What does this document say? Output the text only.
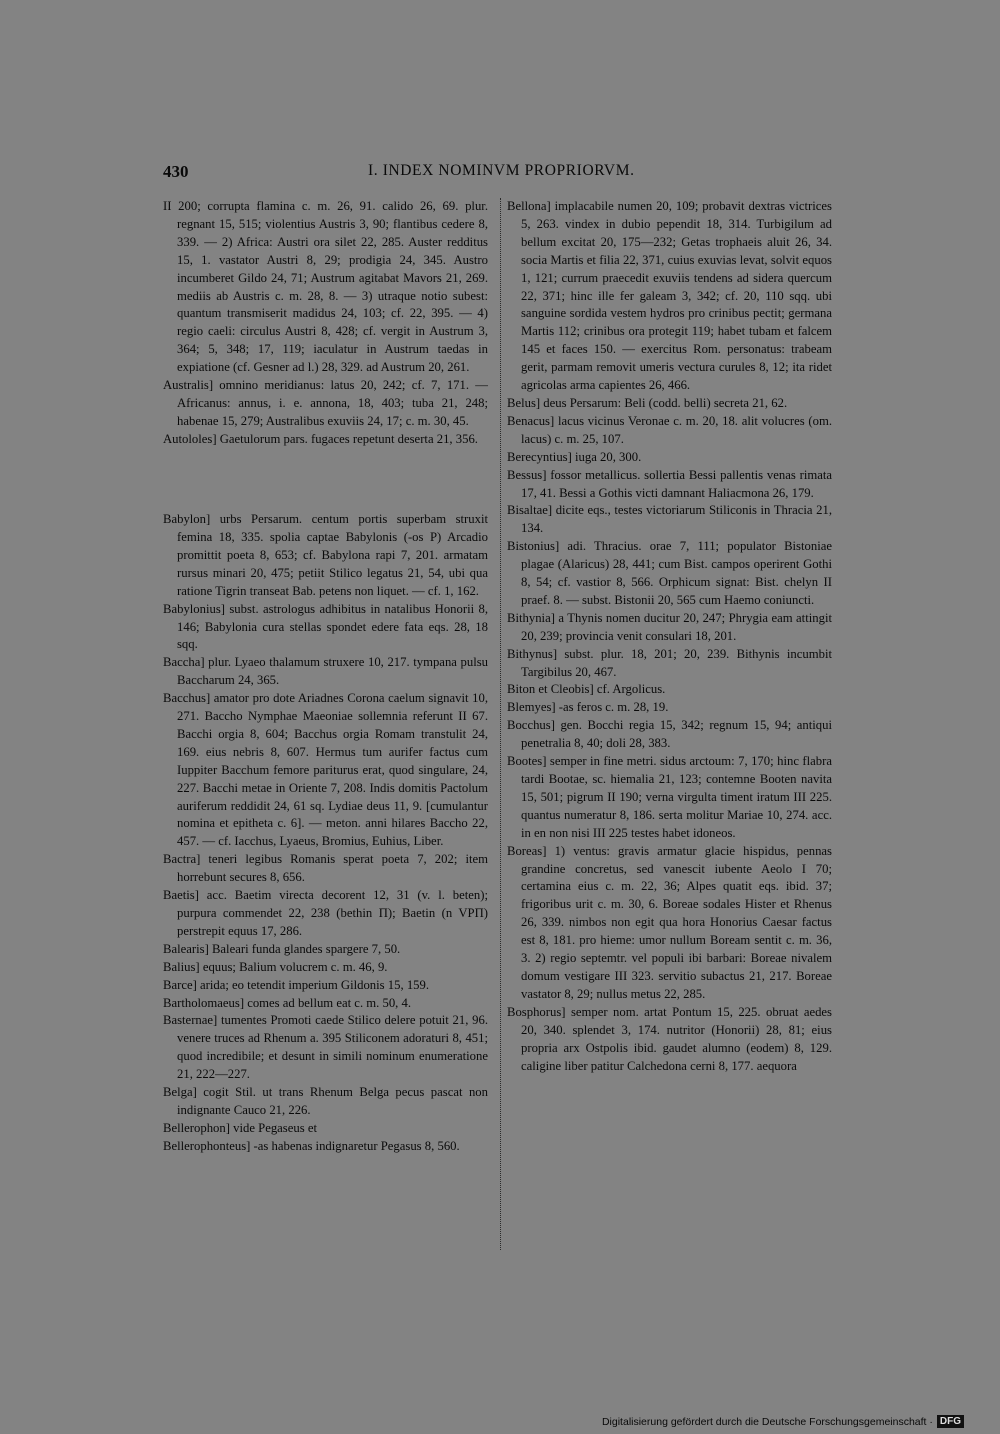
430	I. INDEX NOMINVM PROPRIORVM.

II 200; corrupta flamina c. m. 26, 91. calido 26, 69. plur. regnant 15, 515; violentius Austris 3, 90; flantibus cedere 8, 339. — 2) Africa: Austri ora silet 22, 285. Auster redditus 15, 1. vastator Austri 8, 29; prodigia 24, 345. Austro incumberet Gildo 24, 71; Austrum agitabat Mavors 21, 269. mediis ab Austris c. m. 28, 8. — 3) utraque notio subest: quantum transmiserit madidus 24, 103; cf. 22, 395. — 4) regio caeli: circulus Austri 8, 428; cf. vergit in Austrum 3, 364; 5, 348; 17, 119; iaculatur in Austrum taedas in expiatione (cf. Gesner ad l.) 28, 329. ad Austrum 20, 261.

Australis] omnino meridianus: latus 20, 242; cf. 7, 171. — Africanus: annus, i. e. annona, 18, 403; tuba 21, 248; habenae 15, 279; Australibus exuviis 24, 17; c. m. 30, 45.

Autololes] Gaetulorum pars. fugaces repetunt deserta 21, 356.

Babylon] urbs Persarum. centum portis superbam struxit femina 18, 335. spolia captae Babylonis (-os P) Arcadio promittit poeta 8, 653; cf. Babylona rapi 7, 201. armatam rursus minari 20, 475; petiit Stilico legatus 21, 54, ubi qua ratione Tigrin transeat Bab. petens non liquet. — cf. 1, 162.

Babylonius] subst. astrologus adhibitus in natalibus Honorii 8, 146; Babylonia cura stellas spondet edere fata eqs. 28, 18 sqq.

Baccha] plur. Lyaeo thalamum struxere 10, 217. tympana pulsu Baccharum 24, 365.

Bacchus] amator pro dote Ariadnes Corona caelum signavit 10, 271. Baccho Nymphae Maeoniae sollemnia referunt II 67. Bacchi orgia 8, 604; Bacchus orgia Romam transtulit 24, 169. eius nebris 8, 607. Hermus tum aurifer factus cum Iuppiter Bacchum femore pariturus erat, quod singulare, 24, 227. Bacchi metae in Oriente 7, 208. Indis domitis Pactolum auriferum reddidit 24, 61 sq. Lydiae deus 11, 9. [cumulantur nomina et epitheta c. 6]. — meton. anni hilares Baccho 22, 457. — cf. Iacchus, Lyaeus, Bromius, Euhius, Liber.

Bactra] teneri legibus Romanis sperat poeta 7, 202; item horrebunt secures 8, 656.

Baetis] acc. Baetim virecta decorent 12, 31 (v. l. beten); purpura commendet 22, 238 (bethin Π); Baetin (n VPΠ) perstrepit equus 17, 286.

Balearis] Baleari funda glandes spargere 7, 50.

Balius] equus; Balium volucrem c. m. 46, 9.

Barce] arida; eo tetendit imperium Gildonis 15, 159.

Bartholomaeus] comes ad bellum eat c. m. 50, 4.

Basternae] tumentes Promoti caede Stilico delere potuit 21, 96. venere truces ad Rhenum a. 395 Stiliconem adoraturi 8, 451; quod incredibile; et desunt in simili nominum enumeratione 21, 222—227.

Belga] cogit Stil. ut trans Rhenum Belga pecus pascat non indignante Cauco 21, 226.

Bellerophon] vide Pegaseus et

Bellerophonteus] -as habenas indignaretur Pegasus 8, 560.

Bellona] implacabile numen 20, 109; probavit dextras victrices 5, 263. vindex in dubio pependit 18, 314. Turbigilum ad bellum excitat 20, 175—232; Getas trophaeis aluit 26, 34. socia Martis et filia 22, 371, cuius exuvias levat, solvit equos 1, 121; currum praecedit exuviis tendens ad sidera quercum 22, 371; hinc ille fer galeam 3, 342; cf. 20, 110 sqq. ubi sanguine sordida vestem hydros pro crinibus pectit; germana Martis 112; crinibus ora protegit 119; habet tubam et falcem 145 et faces 150. — exercitus Rom. personatus: trabeam gerit, parmam removit umeris vectura curules 8, 12; ita ridet agricolas arma capientes 26, 466.

Belus] deus Persarum: Beli (codd. belli) secreta 21, 62.

Benacus] lacus vicinus Veronae c. m. 20, 18. alit volucres (om. lacus) c. m. 25, 107.

Berecyntius] iuga 20, 300.

Bessus] fossor metallicus. sollertia Bessi pallentis venas rimata 17, 41. Bessi a Gothis victi damnant Haliacmona 26, 179.

Bisaltae] dicite eqs., testes victoriarum Stiliconis in Thracia 21, 134.

Bistonius] adi. Thracius. orae 7, 111; populator Bistoniae plagae (Alaricus) 28, 441; cum Bist. campos operirent Gothi 8, 54; cf. vastior 8, 566. Orphicum signat: Bist. chelyn II praef. 8. — subst. Bistonii 20, 565 cum Haemo coniuncti.

Bithynia] a Thynis nomen ducitur 20, 247; Phrygia eam attingit 20, 239; provincia venit consulari 18, 201.

Bithynus] subst. plur. 18, 201; 20, 239. Bithynis incumbit Targibilus 20, 467.

Biton et Cleobis] cf. Argolicus.

Blemyes] -as feros c. m. 28, 19.

Bocchus] gen. Bocchi regia 15, 342; regnum 15, 94; antiqui penetralia 8, 40; doli 28, 383.

Bootes] semper in fine metri. sidus arctoum: 7, 170; hinc flabra tardi Bootae, sc. hiemalia 21, 123; contemne Booten navita 15, 501; pigrum II 190; verna virgulta timent iratum III 225. quantus numeratur 8, 186. serta molitur Mariae 10, 274. acc. in en non nisi III 225 testes habet idoneos.

Boreas] 1) ventus: gravis armatur glacie hispidus, pennas grandine concretus, sed vanescit iubente Aeolo I 70; certamina eius c. m. 22, 36; Alpes quatit eqs. ibid. 37; frigoribus urit c. m. 30, 6. Boreae sodales Hister et Rhenus 26, 339. nimbos non egit qua hora Honorius Caesar factus est 8, 181. pro hieme: umor nullum Boream sentit c. m. 36, 3. 2) regio septemtr. vel populi ibi barbari: Boreae nivalem domum vestigare III 323. servitio subactus 21, 217. Boreae vastator 8, 29; nullus metus 22, 285.

Bosphorus] semper nom. artat Pontum 15, 225. obruat aedes 20, 340. splendet 3, 174. nutritor (Honorii) 28, 81; eius propria arx Ostpolis ibid. gaudet alumno (eodem) 8, 129. caligine liber patitur Calchedona cerni 8, 177. aequora

Digitalisierung gefördert durch die Deutsche Forschungsgemeinschaft · DFG
